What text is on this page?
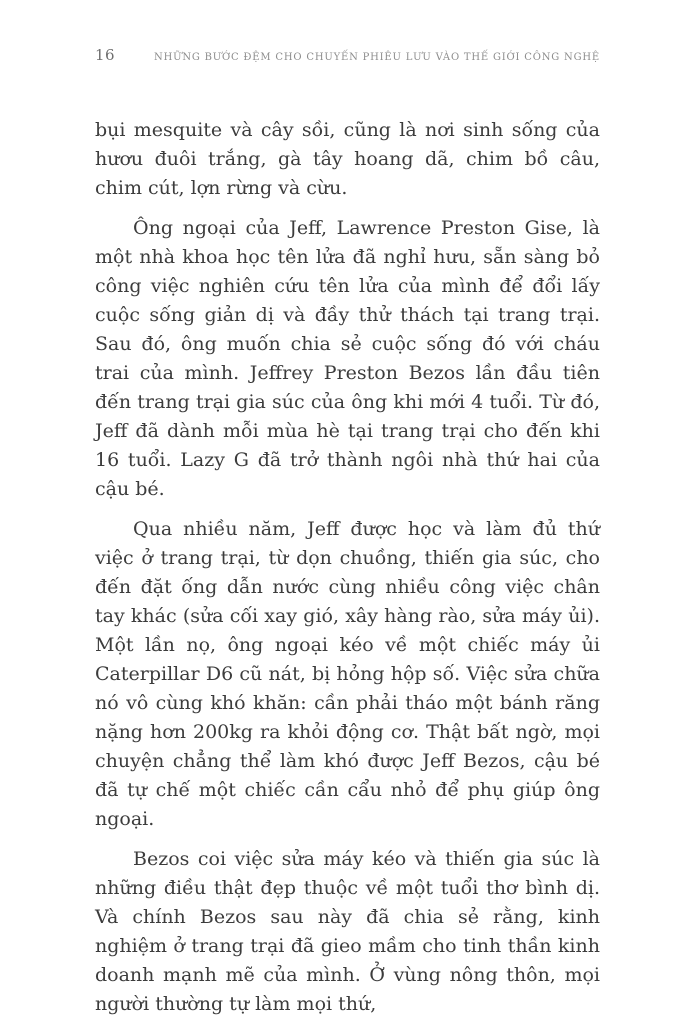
16	NHỮNG BƯỚC ĐỆM CHO CHUYẾN PHIÊU LƯU VÀO THẾ GIỚI CÔNG NGHỆ

bụi mesquite và cây sồi, cũng là nơi sinh sống của hươu đuôi trắng, gà tây hoang dã, chim bồ câu, chim cút, lợn rừng và cừu.

Ông ngoại của Jeff, Lawrence Preston Gise, là một nhà khoa học tên lửa đã nghỉ hưu, sẵn sàng bỏ công việc nghiên cứu tên lửa của mình để đổi lấy cuộc sống giản dị và đầy thử thách tại trang trại. Sau đó, ông muốn chia sẻ cuộc sống đó với cháu trai của mình. Jeffrey Preston Bezos lần đầu tiên đến trang trại gia súc của ông khi mới 4 tuổi. Từ đó, Jeff đã dành mỗi mùa hè tại trang trại cho đến khi 16 tuổi. Lazy G đã trở thành ngôi nhà thứ hai của cậu bé.

Qua nhiều năm, Jeff được học và làm đủ thứ việc ở trang trại, từ dọn chuồng, thiến gia súc, cho đến đặt ống dẫn nước cùng nhiều công việc chân tay khác (sửa cối xay gió, xây hàng rào, sửa máy ủi). Một lần nọ, ông ngoại kéo về một chiếc máy ủi Caterpillar D6 cũ nát, bị hỏng hộp số. Việc sửa chữa nó vô cùng khó khăn: cần phải tháo một bánh răng nặng hơn 200kg ra khỏi động cơ. Thật bất ngờ, mọi chuyện chẳng thể làm khó được Jeff Bezos, cậu bé đã tự chế một chiếc cần cẩu nhỏ để phụ giúp ông ngoại.

Bezos coi việc sửa máy kéo và thiến gia súc là những điều thật đẹp thuộc về một tuổi thơ bình dị. Và chính Bezos sau này đã chia sẻ rằng, kinh nghiệm ở trang trại đã gieo mầm cho tinh thần kinh doanh mạnh mẽ của mình. Ở vùng nông thôn, mọi người thường tự làm mọi thứ,
